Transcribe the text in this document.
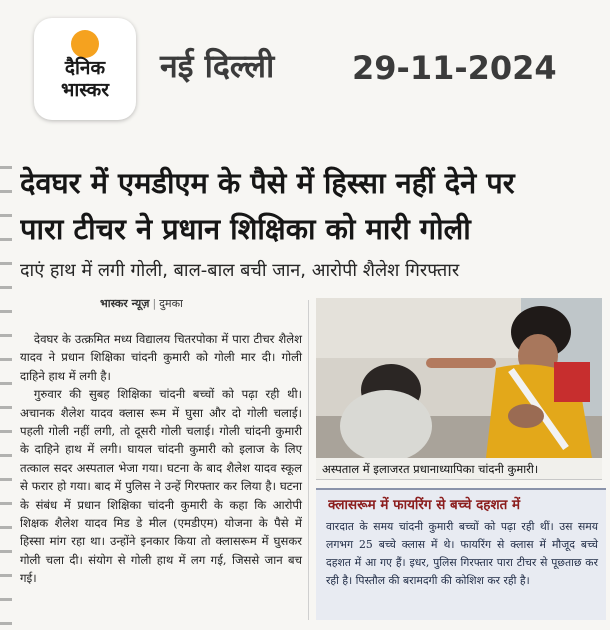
दैनिक
भास्कर
नई दिल्ली 29-11-2024
देवघर में एमडीएम के पैसे में हिस्सा नहीं देने पर
पारा टीचर ने प्रधान शिक्षिका को मारी गोली
दाएं हाथ में लगी गोली, बाल-बाल बची जान, आरोपी शैलेश गिरफ्तार
भास्कर न्यूज़ | दुमका

देवघर के उत्क्रमित मध्य विद्यालय चितरपोका में पारा टीचर शैलेश यादव ने प्रधान शिक्षिका चांदनी कुमारी को गोली मार दी। गोली दाहिने हाथ में लगी है।

गुरुवार की सुबह शिक्षिका चांदनी बच्चों को पढ़ा रही थी। अचानक शैलेश यादव क्लास रूम में घुसा और दो गोली चलाई। पहली गोली नहीं लगी, तो दूसरी गोली चलाई। गोली चांदनी कुमारी के दाहिने हाथ में लगी। घायल चांदनी कुमारी को इलाज के लिए तत्काल सदर अस्पताल भेजा गया। घटना के बाद शैलेश यादव स्कूल से फरार हो गया। बाद में पुलिस ने उन्हें गिरफ्तार कर लिया है। घटना के संबंध में प्रधान शिक्षिका चांदनी कुमारी के कहा कि आरोपी शिक्षक शैलेश यादव मिड डे मील (एमडीएम) योजना के पैसे में हिस्सा मांग रहा था। उन्होंने इनकार किया तो क्लासरूम में घुसकर गोली चला दी। संयोग से गोली हाथ में लग गई, जिससे जान बच गई।

अस्पताल में इलाजरत प्रधानाध्यापिका चांदनी कुमारी।
क्लासरूम में फायरिंग से बच्चे दहशत में
वारदात के समय चांदनी कुमारी बच्चों को पढ़ा रही थीं। उस समय लगभग 25 बच्चे क्लास में थे। फायरिंग से क्लास में मौजूद बच्चे दहशत में आ गए हैं। इधर, पुलिस गिरफ्तार पारा टीचर से पूछताछ कर रही है। पिस्तौल की बरामदगी की कोशिश कर रही है।
